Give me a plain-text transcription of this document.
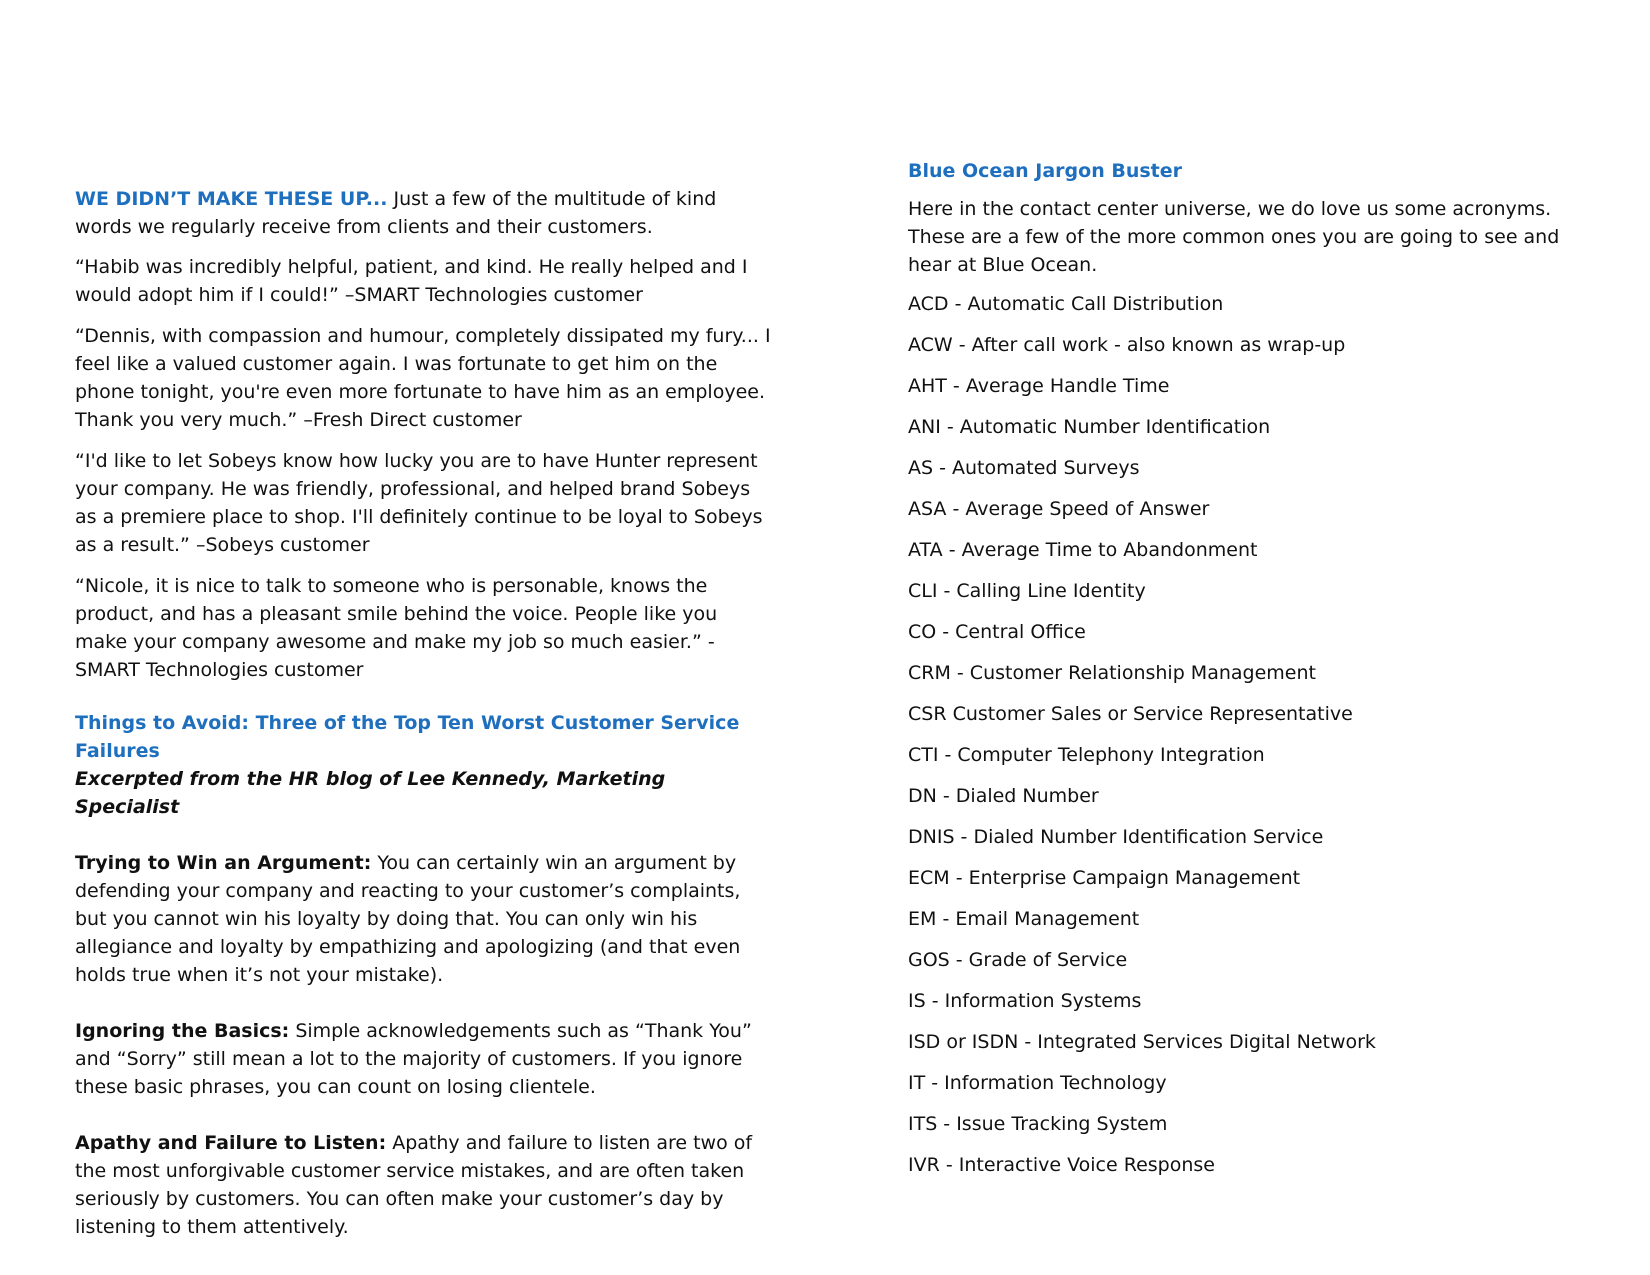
WE DIDN’T MAKE THESE UP... Just a few of the multitude of kind words we regularly receive from clients and their customers.

“Habib was incredibly helpful, patient, and kind. He really helped and I would adopt him if I could!” –SMART Technologies customer

“Dennis, with compassion and humour, completely dissipated my fury... I feel like a valued customer again. I was fortunate to get him on the phone tonight, you're even more fortunate to have him as an employee. Thank you very much.” –Fresh Direct customer

“I'd like to let Sobeys know how lucky you are to have Hunter represent your company. He was friendly, professional, and helped brand Sobeys as a premiere place to shop. I'll definitely continue to be loyal to Sobeys as a result.” –Sobeys customer

“Nicole, it is nice to talk to someone who is personable, knows the product, and has a pleasant smile behind the voice. People like you make your company awesome and make my job so much easier.” -SMART Technologies customer

Things to Avoid: Three of the Top Ten Worst Customer Service Failures

Excerpted from the HR blog of Lee Kennedy, Marketing Specialist

Trying to Win an Argument: You can certainly win an argument by defending your company and reacting to your customer’s complaints, but you cannot win his loyalty by doing that. You can only win his allegiance and loyalty by empathizing and apologizing (and that even holds true when it’s not your mistake).

Ignoring the Basics: Simple acknowledgements such as “Thank You” and “Sorry” still mean a lot to the majority of customers. If you ignore these basic phrases, you can count on losing clientele.

Apathy and Failure to Listen: Apathy and failure to listen are two of the most unforgivable customer service mistakes, and are often taken seriously by customers. You can often make your customer’s day by listening to them attentively.

Blue Ocean Jargon Buster

Here in the contact center universe, we do love us some acronyms. These are a few of the more common ones you are going to see and hear at Blue Ocean.

ACD - Automatic Call Distribution
ACW - After call work - also known as wrap-up
AHT - Average Handle Time
ANI - Automatic Number Identification
AS - Automated Surveys
ASA - Average Speed of Answer
ATA - Average Time to Abandonment
CLI - Calling Line Identity
CO - Central Office
CRM - Customer Relationship Management
CSR Customer Sales or Service Representative
CTI - Computer Telephony Integration
DN - Dialed Number
DNIS - Dialed Number Identification Service
ECM - Enterprise Campaign Management
EM - Email Management
GOS - Grade of Service
IS - Information Systems
ISD or ISDN - Integrated Services Digital Network
IT - Information Technology
ITS - Issue Tracking System
IVR - Interactive Voice Response
